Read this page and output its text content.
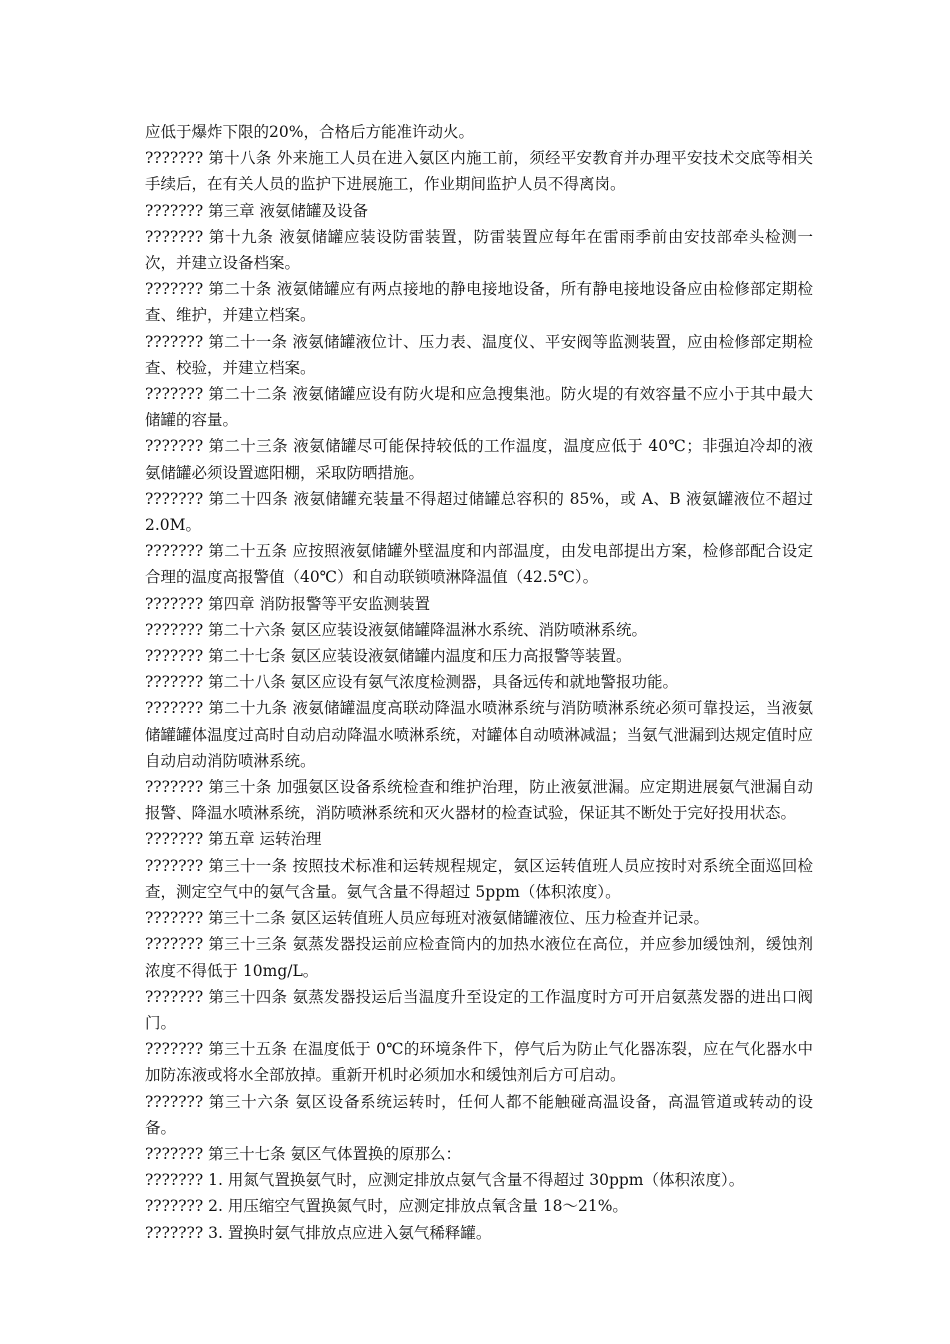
应低于爆炸下限的20%，合格后方能准许动火。

??????? 第十八条 外来施工人员在进入氨区内施工前，须经平安教育并办理平安技术交底等相关手续后，在有关人员的监护下进展施工，作业期间监护人员不得离岗。

??????? 第三章 液氨储罐及设备

??????? 第十九条 液氨储罐应装设防雷装置，防雷装置应每年在雷雨季前由安技部牵头检测一次，并建立设备档案。

??????? 第二十条 液氨储罐应有两点接地的静电接地设备，所有静电接地设备应由检修部定期检查、维护，并建立档案。

??????? 第二十一条 液氨储罐液位计、压力表、温度仪、平安阀等监测装置，应由检修部定期检查、校验，并建立档案。

??????? 第二十二条 液氨储罐应设有防火堤和应急搜集池。防火堤的有效容量不应小于其中最大储罐的容量。

??????? 第二十三条 液氨储罐尽可能保持较低的工作温度，温度应低于 40℃；非强迫冷却的液氨储罐必须设置遮阳棚，采取防晒措施。

??????? 第二十四条 液氨储罐充装量不得超过储罐总容积的 85%，或 A、B 液氨罐液位不超过 2.0M。

??????? 第二十五条 应按照液氨储罐外壁温度和内部温度，由发电部提出方案，检修部配合设定合理的温度高报警值（40℃）和自动联锁喷淋降温值（42.5℃）。

??????? 第四章 消防报警等平安监测装置

??????? 第二十六条 氨区应装设液氨储罐降温淋水系统、消防喷淋系统。

??????? 第二十七条 氨区应装设液氨储罐内温度和压力高报警等装置。

??????? 第二十八条 氨区应设有氨气浓度检测器，具备远传和就地警报功能。

??????? 第二十九条 液氨储罐温度高联动降温水喷淋系统与消防喷淋系统必须可靠投运，当液氨储罐罐体温度过高时自动启动降温水喷淋系统，对罐体自动喷淋减温；当氨气泄漏到达规定值时应自动启动消防喷淋系统。

??????? 第三十条 加强氨区设备系统检查和维护治理，防止液氨泄漏。应定期进展氨气泄漏自动报警、降温水喷淋系统，消防喷淋系统和灭火器材的检查试验，保证其不断处于完好投用状态。

??????? 第五章 运转治理

??????? 第三十一条 按照技术标准和运转规程规定，氨区运转值班人员应按时对系统全面巡回检查，测定空气中的氨气含量。氨气含量不得超过 5ppm（体积浓度）。

??????? 第三十二条 氨区运转值班人员应每班对液氨储罐液位、压力检查并记录。

??????? 第三十三条 氨蒸发器投运前应检查筒内的加热水液位在高位，并应参加缓蚀剂，缓蚀剂浓度不得低于 10mg/L。

??????? 第三十四条 氨蒸发器投运后当温度升至设定的工作温度时方可开启氨蒸发器的进出口阀门。

??????? 第三十五条 在温度低于 0℃的环境条件下，停气后为防止气化器冻裂，应在气化器水中加防冻液或将水全部放掉。重新开机时必须加水和缓蚀剂后方可启动。

??????? 第三十六条 氨区设备系统运转时，任何人都不能触碰高温设备，高温管道或转动的设备。

??????? 第三十七条 氨区气体置换的原那么：

??????? 1. 用氮气置换氨气时，应测定排放点氨气含量不得超过 30ppm（体积浓度）。

??????? 2. 用压缩空气置换氮气时，应测定排放点氧含量 18～21%。

??????? 3. 置换时氨气排放点应进入氨气稀释罐。
